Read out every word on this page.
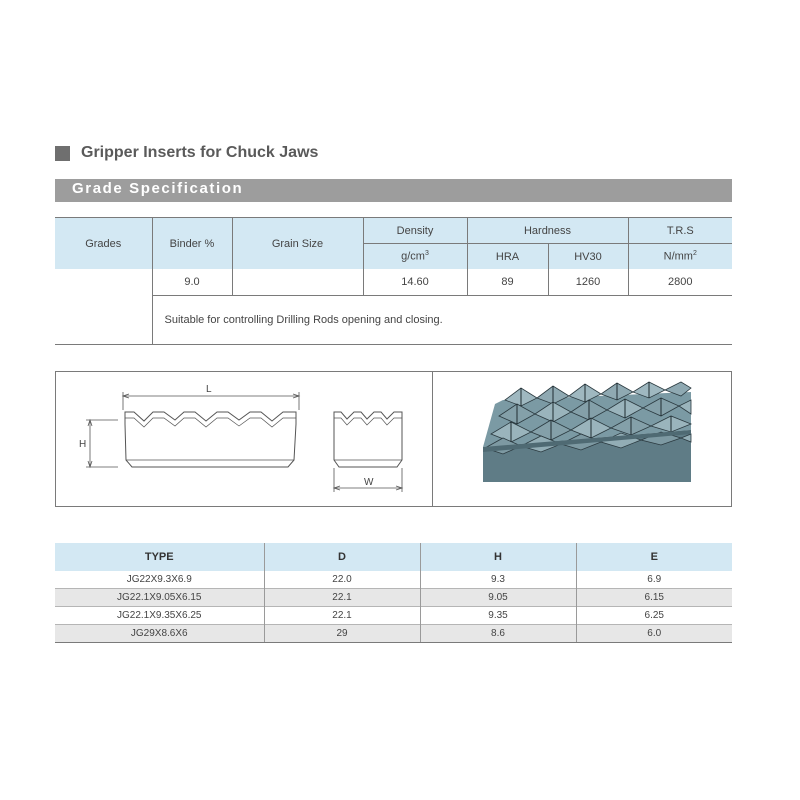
Gripper Inserts for Chuck Jaws
Grade Specification
Grades	Binder %	Grain Size	Density	Hardness		T.R.S
			$g/cm^3$	HRA	HV30	$N/mm^2$
	9.0		14.60	89	1260	2800
	Suitable for controlling Drilling Rods opening and closing.					
L
H
W
TYPE	D	H	E
JG22X9.3X6.9	22.0	9.3	6.9
JG22.1X9.05X6.15	22.1	9.05	6.15
JG22.1X9.35X6.25	22.1	9.35	6.25
JG29X8.6X6	29	8.6	6.0
